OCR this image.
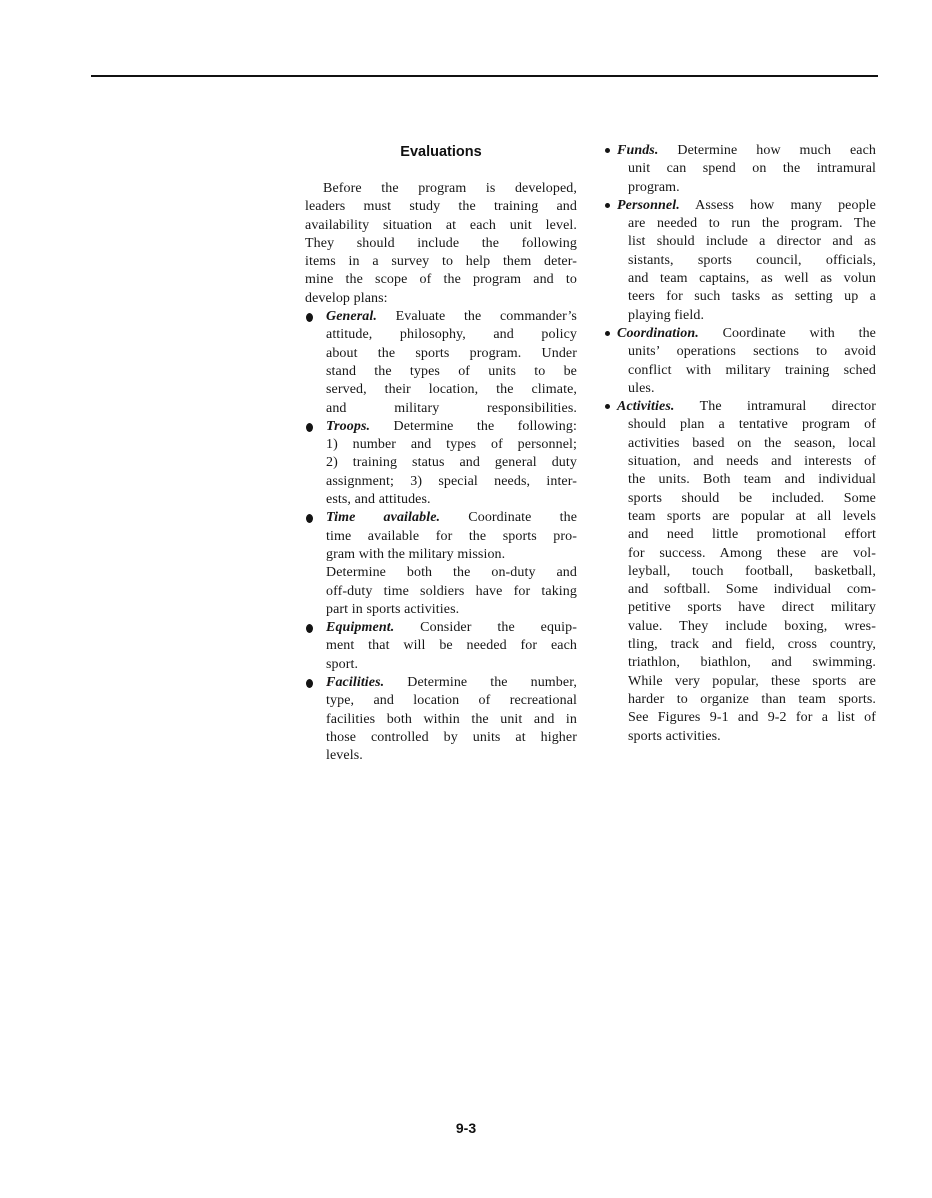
Evaluations
Before the program is developed,
leaders must study the training and
availability situation at each unit level.
They should include the following
items in a survey to help them deter-
mine the scope of the program and to
develop plans:
General. Evaluate the commander’s
attitude, philosophy, and policy
about the sports program. Under
stand the types of units to be
served, their location, the climate,
and military responsibilities.
Troops. Determine the following:
1) number and types of personnel;
2) training status and general duty
assignment; 3) special needs, inter-
ests, and attitudes.
Time available. Coordinate the
time available for the sports pro-
gram with the military mission.
Determine both the on-duty and
off-duty time soldiers have for taking
part in sports activities.
Equipment. Consider the equip-
ment that will be needed for each
sport.
Facilities. Determine the number,
type, and location of recreational
facilities both within the unit and in
those controlled by units at higher
levels.
Funds. Determine how much each
unit can spend on the intramural
program.
Personnel. Assess how many people
are needed to run the program. The
list should include a director and as
sistants, sports council, officials,
and team captains, as well as volun
teers for such tasks as setting up a
playing field.
Coordination. Coordinate with the
units’ operations sections to avoid
conflict with military training sched
ules.
Activities. The intramural director
should plan a tentative program of
activities based on the season, local
situation, and needs and interests of
the units. Both team and individual
sports should be included. Some
team sports are popular at all levels
and need little promotional effort
for success. Among these are vol-
leyball, touch football, basketball,
and softball. Some individual com-
petitive sports have direct military
value. They include boxing, wres-
tling, track and field, cross country,
triathlon, biathlon, and swimming.
While very popular, these sports are
harder to organize than team sports.
See Figures 9-1 and 9-2 for a list of
sports activities.
9-3
